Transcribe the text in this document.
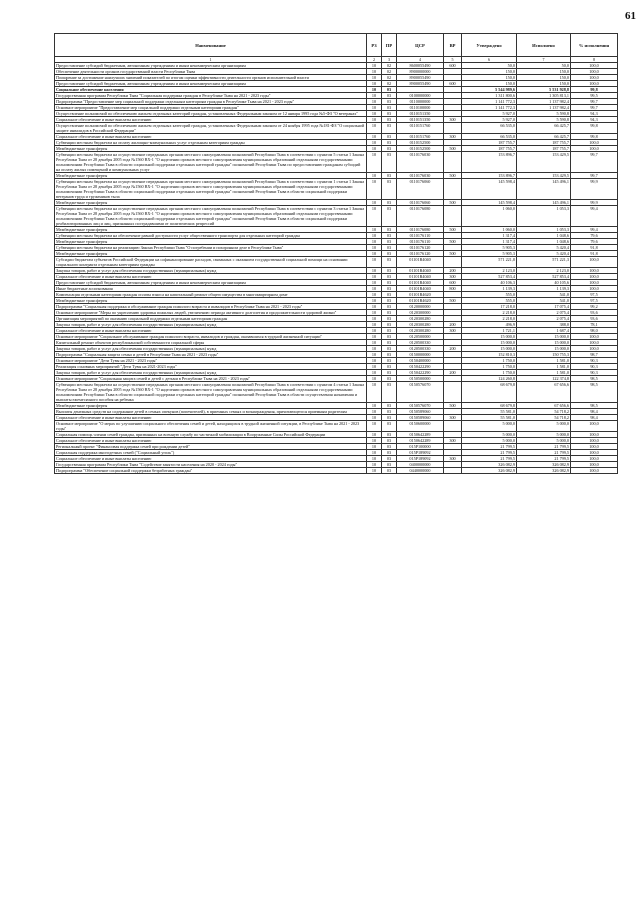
61
Наименование	РЗ	ПР	ЦСР	ВР	Утверждено	Исполнено	% исполнения
1	2	3	4	5	6	7	8
Предоставление субсидий бюджетным, автономным учреждениям и иным некоммерческим организациям	10	02	8600055490	600	50,0	50,0	100,0
Обеспечение деятельности органов государственной власти Республики Тыва	10	02	8900000000		150,0	150,0	100,0
Поощрение за достижение наилучших значений показателей по итогам оценки эффективности деятельности органов исполнительной власти	10	02	8900055490		150,0	150,0	100,0
Предоставление субсидий бюджетным, автономным учреждениям и иным некоммерческим организациям	10	02	8900055490	600	150,0	150,0	100,0
Социальное обеспечение населения	10	03			5 544 989,6	5 531 928,8	99,8
Государственная программа Республики Тыва "Социальная поддержка граждан в Республике Тыва на 2021 - 2023 годы"	10	03	0100000000		1 311 800,6	1 305 813,1	99,5
Подпрограмма "Предоставление мер социальной поддержки отдельным категориям граждан в Республике Тыва на 2021 - 2023 годы"	10	03	0110000000		1 141 772,3	1 137 982,4	99,7
Основное мероприятие "Предоставление мер социальной поддержки отдельным категориям граждан"	10	03	0110100000		1 141 772,3	1 137 982,4	99,7
Осуществление полномочий по обеспечению жильем отдельных категорий граждан, установленных Федеральным законом от 12 января 1995 года №5-ФЗ "О ветеранах"	10	03	0110151350		5 927,0	5 590,8	94,3
Социальное обеспечение и иные выплаты населению	10	03	0110151350	300	5 927,0	5 590,8	94,3
Осуществление полномочий по обеспечению жильем отдельных категорий граждан, установленных Федеральным законом от 24 ноября 1995 года №181-ФЗ "О социальной защите инвалидов в Российской Федерации"	10	03	0110151760		66 535,0	66 425,7	99,8
Социальное обеспечение и иные выплаты населению	10	03	0110151760	300	66 535,0	66 425,7	99,8
Субвенции местным бюджетам на оплату жилищно-коммунальных услуг отдельным категориям граждан	10	03	0110152500		187 755,7	187 755,7	100,0
Межбюджетные трансферты	10	03	0110152500	500	187 755,7	187 755,7	100,0
Субвенции местным бюджетам на осуществление переданных органам местного самоуправления полномочий Республики Тыва в соответствии с пунктом 5 статьи 1 Закона Республики Тыва от 28 декабря 2005 года №1560 ВХ-1 "О наделении органов местного самоуправления муниципальных образований отдельными государственными полномочиями Республики Тыва в области социальной поддержки отдельных категорий граждан" полномочий Республики Тыва по предоставлению гражданам субсидий на оплату жилых помещений и коммунальных услуг	10	03	0110176030		153 896,7	153 429,5	99,7
Межбюджетные трансферты	10	03	0110176030	500	153 896,7	153 429,5	99,7
Субвенции местным бюджетам на осуществление переданных органам местного самоуправления полномочий Республики Тыва в соответствии с пунктом 1 статьи 1 Закона Республики Тыва от 28 декабря 2005 года №1560 ВХ-1 "О наделении органов местного самоуправления муниципальных образований отдельными государственными полномочиями Республики Тыва в области социальной поддержки отдельных категорий граждан" полномочий Республики Тыва в области социальной поддержки ветеранов труда и тружеников тыла	10	03	0110176060		145 598,4	145 496,1	99,9
Межбюджетные трансферты	10	03	0110176060	500	145 598,4	145 496,1	99,9
Субвенции местным бюджетам на осуществление переданных органам местного самоуправления полномочий Республики Тыва в соответствии с пунктом 3 статьи 1 Закона Республики Тыва от 28 декабря 2005 года №1560 ВХ-1 "О наделении органов местного самоуправления муниципальных образований отдельными государственными полномочиями Республики Тыва в области социальной поддержки отдельных категорий граждан" полномочий Республики Тыва в области социальной поддержки реабилитированных лиц и лиц, признанных пострадавшими от политических репрессий	10	03	0110176080		1 060,0	1 053,3	99,4
Межбюджетные трансферты	10	03	0110176080	500	1 060,0	1 053,3	99,4
Субвенции местным бюджетам на обеспечение равной доступности услуг общественного транспорта для отдельных категорий граждан	10	03	0110176110		1 317,4	1 048,6	79,6
Межбюджетные трансферты	10	03	0110176110	500	1 317,4	1 048,6	79,6
Субвенции местным бюджетам на реализацию Закона Республики Тыва "О погребении и похоронном деле в Республике Тыва"	10	03	0110176120		5 905,3	5 420,4	91,8
Межбюджетные трансферты	10	03	0110176120	500	5 905,3	5 420,4	91,8
Субсидии бюджетам субъектов Российской Федерации на софинансирование расходов, связанных с оказанием государственной социальной помощи на основании социального контракта отдельным категориям граждан	10	03	01101R4040		571 221,8	571 221,3	100,0
Закупка товаров, работ и услуг для обеспечения государственных (муниципальных) нужд	10	03	01101R4040	200	2 123,0	2 123,0	100,0
Социальное обеспечение и иные выплаты населению	10	03	01101R4040	300	527 853,4	527 853,4	100,0
Предоставление субсидий бюджетным, автономным учреждениям и иным некоммерческим организациям	10	03	01101R4040	600	40 106,3	40 105,6	100,0
Иные бюджетные ассигнования	10	03	01101R4040	800	1 139,3	1 139,3	100,0
Компенсация отдельным категориям граждан оплаты взноса на капитальный ремонт общего имущества в многоквартирном доме	10	03	01101R4620		555,0	541,0	97,5
Межбюджетные трансферты	10	03	01101R4620	500	555,0	541,0	97,5
Подпрограмма "Социальная поддержка и обслуживание граждан пожилого возраста и инвалидов в Республике Тыва на 2021 - 2023 годы"	10	03	0120000000		17 218,0	17 075,4	99,2
Основное мероприятие "Меры по укреплению здоровья пожилых людей, увеличению периода активного долголетия и продолжительности здоровой жизни"	10	03	0120300000		2 218,0	2 075,4	93,6
Организация мероприятий по оказанию социальной поддержки отдельным категориям граждан	10	03	0120300280		2 218,0	2 075,4	93,6
Закупка товаров, работ и услуг для обеспечения государственных (муниципальных) нужд	10	03	0120300280	200	496,9	388,0	78,1
Социальное обеспечение и иные выплаты населению	10	03	0120300280	300	1 721,1	1 687,4	98,0
Основное мероприятие "Социальное обслуживание граждан пожилого возраста, инвалидов и граждан, оказавшихся в трудной жизненной ситуации"	10	03	0120500000		15 000,0	15 000,0	100,0
Капитальный ремонт объектов республиканской собственности социальной сферы	10	03	0120500330		15 000,0	15 000,0	100,0
Закупка товаров, работ и услуг для обеспечения государственных (муниципальных) нужд	10	03	0120500330	200	15 000,0	15 000,0	100,0
Подпрограмма "Социальная защита семьи и детей в Республике Тыва на 2021 - 2023 годы"	10	03	0150000000		152 810,3	150 755,3	98,7
Основное мероприятие "Дети Тувы на 2021 - 2023 годы"	10	03	0150400000		1 750,0	1 581,0	90,3
Реализация основных мероприятий "Дети Тувы на 2021-2023 годы"	10	03	0150422290		1 750,0	1 581,0	90,3
Закупка товаров, работ и услуг для обеспечения государственных (муниципальных) нужд	10	03	0150422290	200	1 750,0	1 581,0	90,3
Основное мероприятие "Социальная защита семей и детей с детьми в Республике Тыва на 2021 - 2023 годы"	10	03	0150500000		124 260,8	122 374,8	98,5
Субвенции местным бюджетам на осуществление переданных органам местного самоуправления полномочий Республики Тыва в соответствии с пунктом 4 статьи 1 Закона Республики Тыва от 28 декабря 2005 года №1560 ВХ-1 "О наделении органов местного самоуправления муниципальных образований отдельными государственными полномочиями Республики Тыва в области социальной поддержки отдельных категорий граждан" полномочий Республики Тыва в области осуществления назначения и выплаты ежемесячного пособия на ребенка	10	03	0150576070		68 679,8	67 656,6	98,5
Межбюджетные трансферты	10	03	0150576070	500	68 679,8	67 656,6	98,5
Выплаты денежных средств на содержание детей в семьях опекунов (попечителей), в приемных семьях и вознаграждения, причитающегося приемным родителям	10	03	0150589060		55 581,0	54 718,2	98,4
Социальное обеспечение и иные выплаты населению	10	03	0150589060	300	55 581,0	54 718,2	98,4
Основное мероприятие "О мерах по улучшению социального обеспечения семей и детей, находящихся в трудной жизненной ситуации, в Республике Тыва на 2021 - 2023 годы"	10	03	0150600000		5 000,0	5 000,0	100,0
Социальная помощь членам семей граждан, призванных на военную службу по частичной мобилизации в Вооруженные Силы Российской Федерации	10	03	0150642289		5 000,0	5 000,0	100,0
Социальное обеспечение и иные выплаты населению	10	03	0150642289	300	5 000,0	5 000,0	100,0
Региональный проект "Финансовая поддержка семей при рождении детей"	10	03	015P100000		21 799,5	21 799,5	100,0
Социальная поддержка многодетных семей ("Социальный уголь")	10	03	015P189092		21 799,5	21 799,5	100,0
Социальное обеспечение и иные выплаты населению	10	03	015P189092	300	21 799,5	21 799,5	100,0
Государственная программа Республики Тыва "Содействие занятости населения на 2020 - 2024 годы"	10	03	0400000000		326 082,9	326 082,9	100,0
Подпрограмма "Обеспечение социальной поддержки безработных граждан"	10	03	0440000000		326 082,9	326 082,9	100,0
